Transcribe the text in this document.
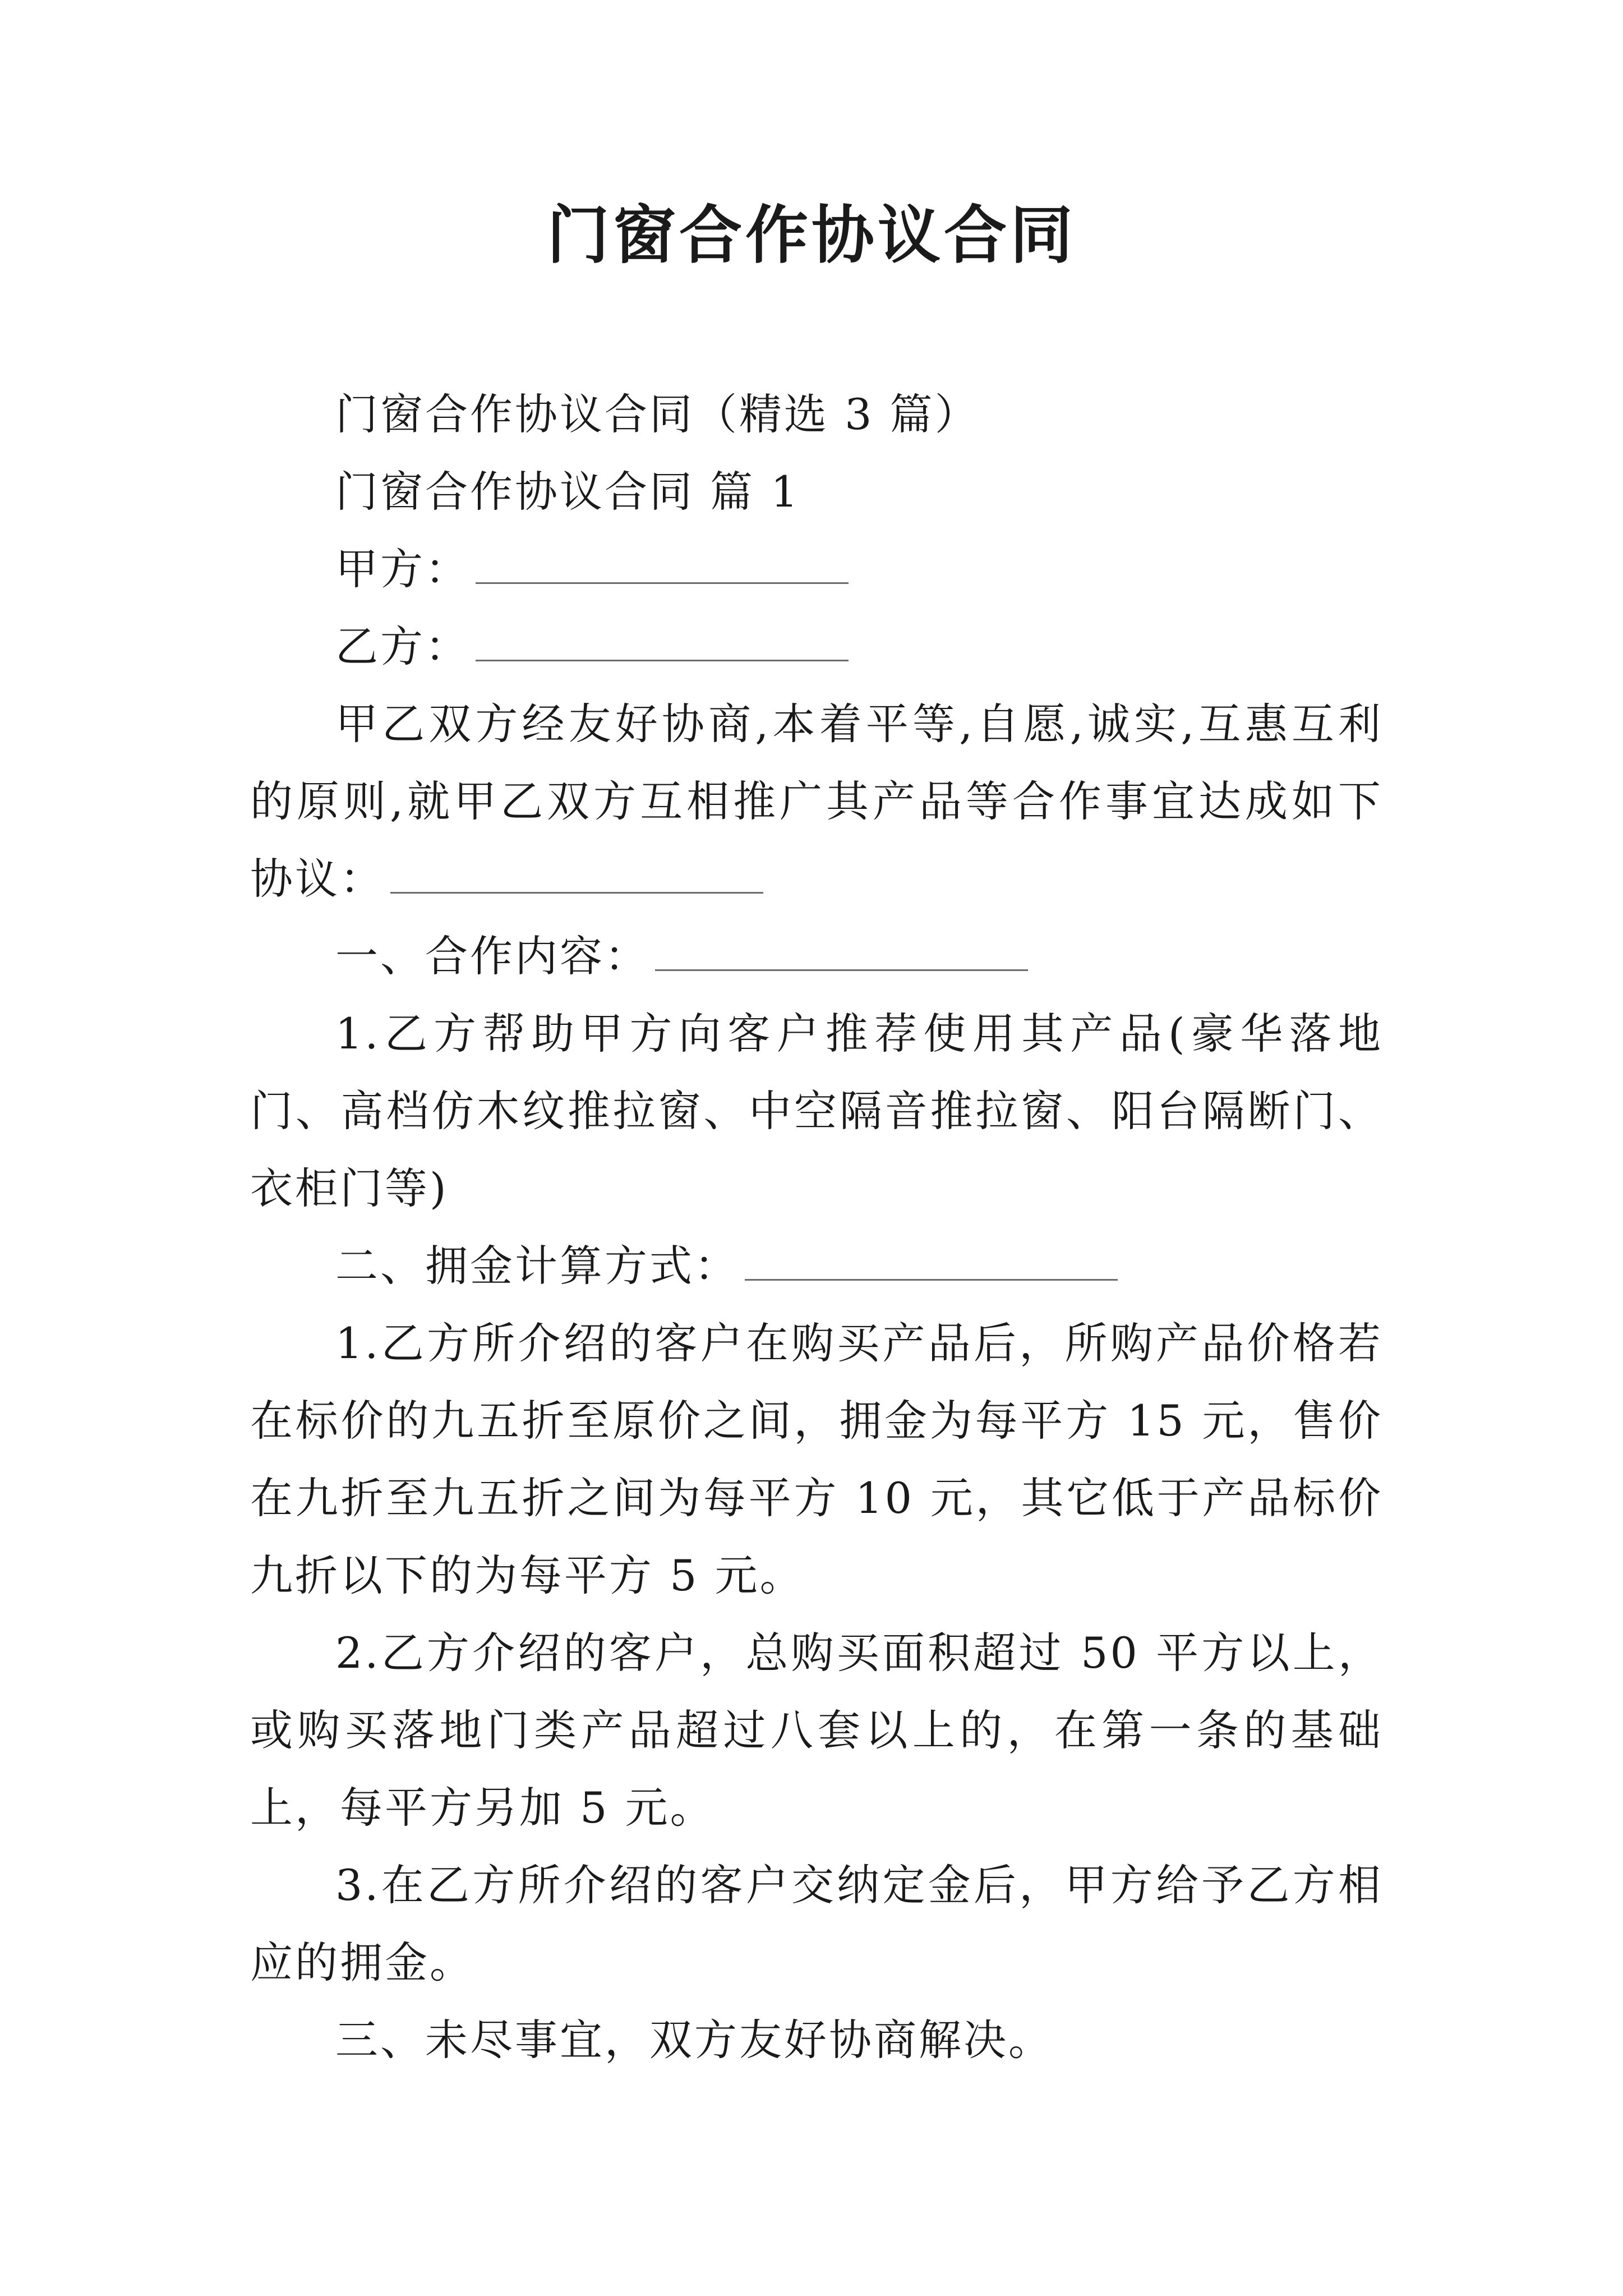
门窗合作协议合同

门窗合作协议合同（精选 3 篇）

门窗合作协议合同 篇 1

甲方：

乙方：

甲乙双方经友好协商,本着平等,自愿,诚实,互惠互利的原则,就甲乙双方互相推广其产品等合作事宜达成如下协议：

一、合作内容：

1.乙方帮助甲方向客户推荐使用其产品(豪华落地门、高档仿木纹推拉窗、中空隔音推拉窗、阳台隔断门、衣柜门等)

二、拥金计算方式：

1.乙方所介绍的客户在购买产品后，所购产品价格若在标价的九五折至原价之间，拥金为每平方 15 元，售价在九折至九五折之间为每平方 10 元，其它低于产品标价九折以下的为每平方 5 元。

2.乙方介绍的客户，总购买面积超过 50 平方以上，或购买落地门类产品超过八套以上的，在第一条的基础上，每平方另加 5 元。

3.在乙方所介绍的客户交纳定金后，甲方给予乙方相应的拥金。

三、未尽事宜，双方友好协商解决。
